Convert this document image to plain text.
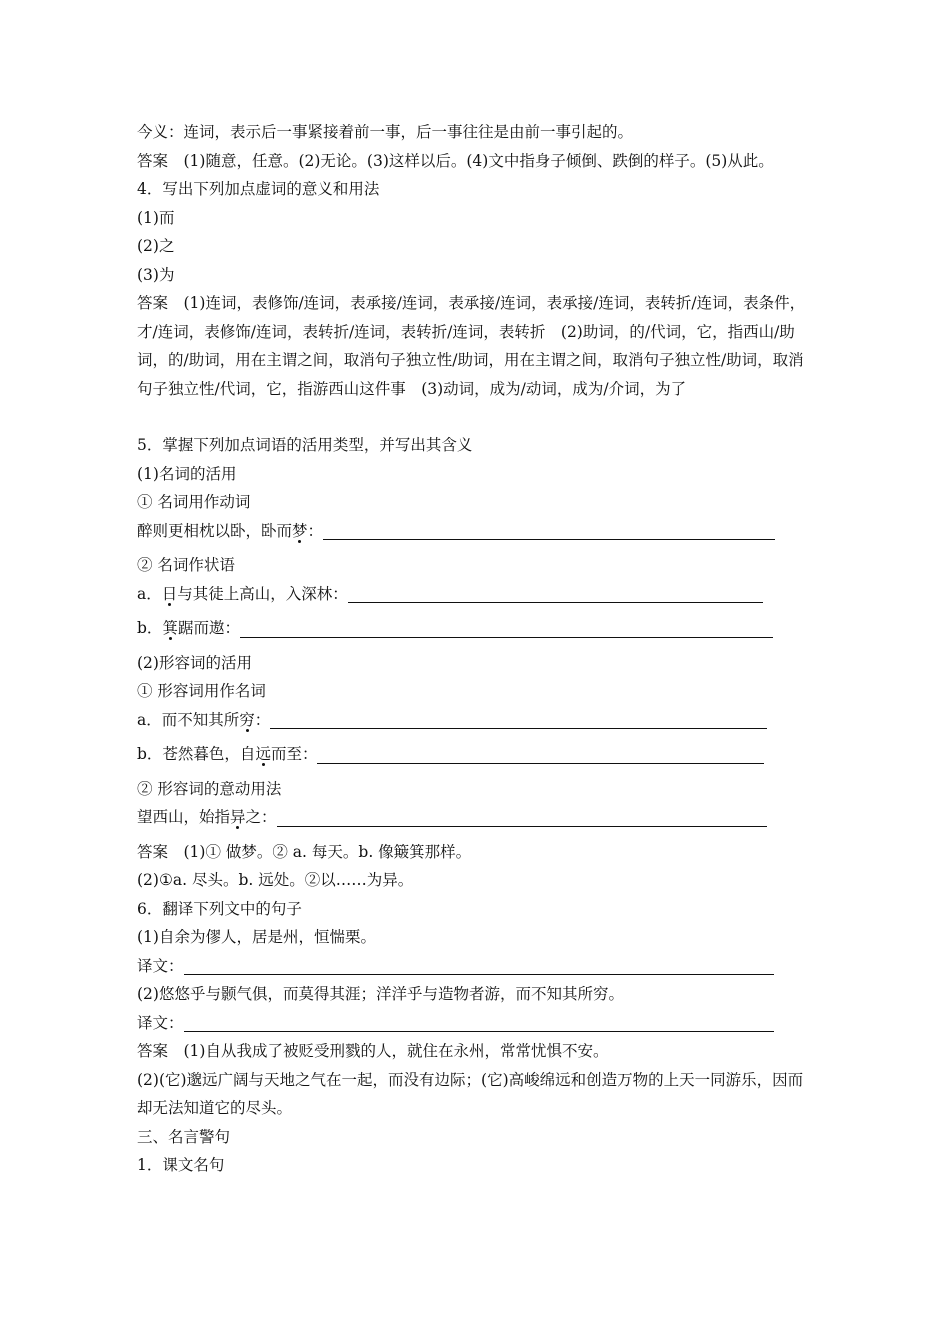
今义：连词，表示后一事紧接着前一事，后一事往往是由前一事引起的。
答案　(1)随意，任意。(2)无论。(3)这样以后。(4)文中指身子倾倒、跌倒的样子。(5)从此。
4．写出下列加点虚词的意义和用法
(1)而
(2)之
(3)为
答案　(1)连词，表修饰/连词，表承接/连词，表承接/连词，表承接/连词，表转折/连词，表条件，才/连词，表修饰/连词，表转折/连词，表转折/连词，表转折　(2)助词，的/代词，它，指西山/助词，的/助词，用在主谓之间，取消句子独立性/助词，用在主谓之间，取消句子独立性/助词，取消句子独立性/代词，它，指游西山这件事　(3)动词，成为/动词，成为/介词，为了
5．掌握下列加点词语的活用类型，并写出其含义
(1)名词的活用
① 名词用作动词
醉则更相枕以卧，卧而梦：
② 名词作状语
a．日与其徒上高山，入深林：
b．箕踞而遨：
(2)形容词的活用
① 形容词用作名词
a．而不知其所穷：
b．苍然暮色，自远而至：
② 形容词的意动用法
望西山，始指异之：
答案　(1)① 做梦。② a. 每天。b. 像簸箕那样。
(2)①a. 尽头。b. 远处。②以……为异。
6．翻译下列文中的句子
(1)自余为僇人，居是州，恒惴栗。
译文：
(2)悠悠乎与颢气俱，而莫得其涯；洋洋乎与造物者游，而不知其所穷。
译文：
答案　(1)自从我成了被贬受刑戮的人，就住在永州，常常忧惧不安。
(2)(它)邈远广阔与天地之气在一起，而没有边际；(它)高峻绵远和创造万物的上天一同游乐，因而却无法知道它的尽头。
三、名言警句
1．课文名句
